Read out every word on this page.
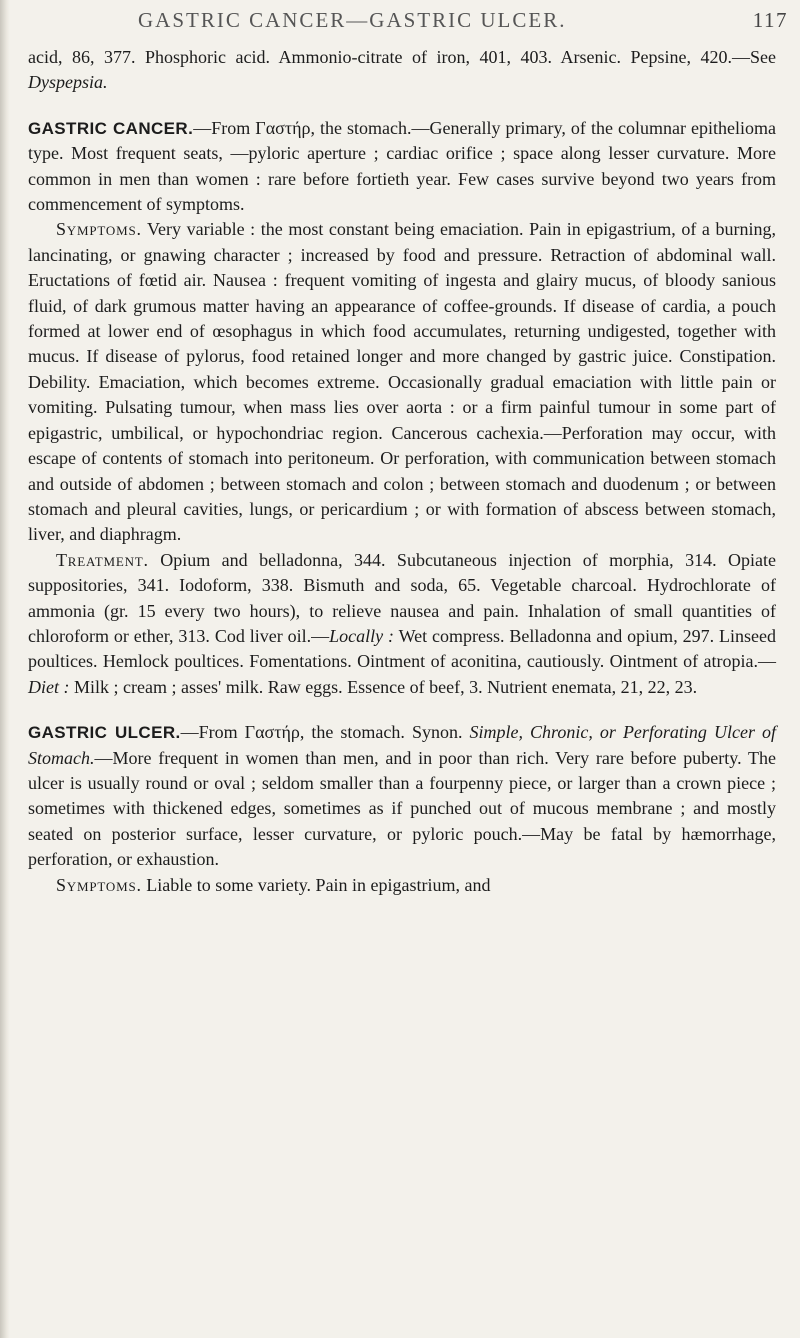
GASTRIC CANCER—GASTRIC ULCER.	117

acid, 86, 377. Phosphoric acid. Ammonio-citrate of iron, 401, 403. Arsenic. Pepsine, 420.—See Dyspepsia.

GASTRIC CANCER.—From Γαστήρ, the stomach.—Generally primary, of the columnar epithelioma type. Most frequent seats, —pyloric aperture ; cardiac orifice ; space along lesser curvature. More common in men than women : rare before fortieth year. Few cases survive beyond two years from commencement of symptoms.

Symptoms. Very variable : the most constant being emaciation. Pain in epigastrium, of a burning, lancinating, or gnawing character ; increased by food and pressure. Retraction of abdominal wall. Eructations of fœtid air. Nausea : frequent vomiting of ingesta and glairy mucus, of bloody sanious fluid, of dark grumous matter having an appearance of coffee-grounds. If disease of cardia, a pouch formed at lower end of œsophagus in which food accumulates, returning undigested, together with mucus. If disease of pylorus, food retained longer and more changed by gastric juice. Constipation. Debility. Emaciation, which becomes extreme. Occasionally gradual emaciation with little pain or vomiting. Pulsating tumour, when mass lies over aorta : or a firm painful tumour in some part of epigastric, umbilical, or hypochondriac region. Cancerous cachexia.—Perforation may occur, with escape of contents of stomach into peritoneum. Or perforation, with communication between stomach and outside of abdomen ; between stomach and colon ; between stomach and duodenum ; or between stomach and pleural cavities, lungs, or pericardium ; or with formation of abscess between stomach, liver, and diaphragm.

Treatment. Opium and belladonna, 344. Subcutaneous injection of morphia, 314. Opiate suppositories, 341. Iodoform, 338. Bismuth and soda, 65. Vegetable charcoal. Hydrochlorate of ammonia (gr. 15 every two hours), to relieve nausea and pain. Inhalation of small quantities of chloroform or ether, 313. Cod liver oil.—Locally : Wet compress. Belladonna and opium, 297. Linseed poultices. Hemlock poultices. Fomentations. Ointment of aconitina, cautiously. Ointment of atropia.—Diet : Milk ; cream ; asses' milk. Raw eggs. Essence of beef, 3. Nutrient enemata, 21, 22, 23.

GASTRIC ULCER.—From Γαστήρ, the stomach. Synon. Simple, Chronic, or Perforating Ulcer of Stomach.—More frequent in women than men, and in poor than rich. Very rare before puberty. The ulcer is usually round or oval ; seldom smaller than a fourpenny piece, or larger than a crown piece ; sometimes with thickened edges, sometimes as if punched out of mucous membrane ; and mostly seated on posterior surface, lesser curvature, or pyloric pouch.—May be fatal by hæmorrhage, perforation, or exhaustion.

Symptoms. Liable to some variety. Pain in epigastrium, and
